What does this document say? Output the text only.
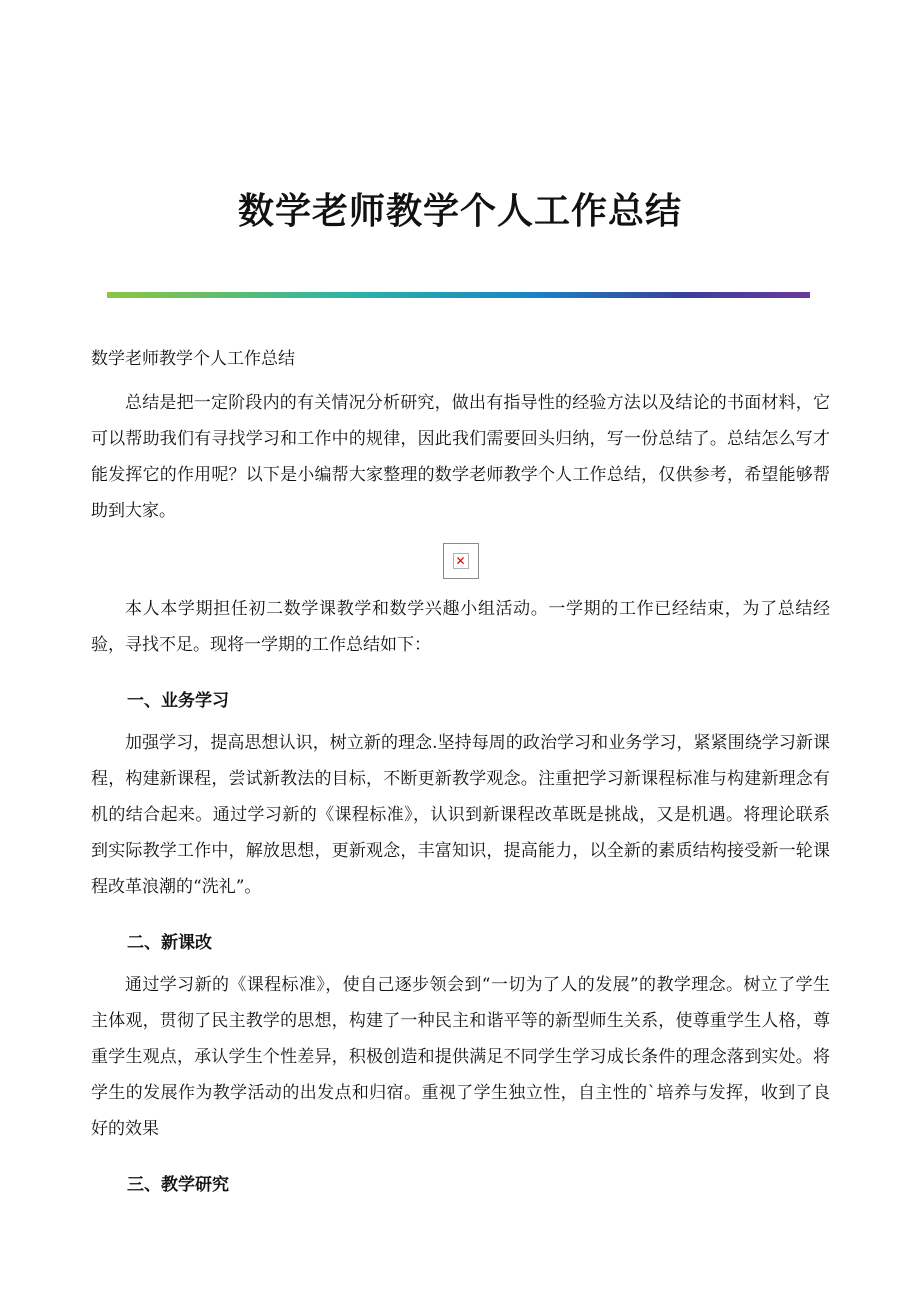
数学老师教学个人工作总结

数学老师教学个人工作总结

总结是把一定阶段内的有关情况分析研究，做出有指导性的经验方法以及结论的书面材料，它可以帮助我们有寻找学习和工作中的规律，因此我们需要回头归纳，写一份总结了。总结怎么写才能发挥它的作用呢？以下是小编帮大家整理的数学老师教学个人工作总结，仅供参考，希望能够帮助到大家。

✕

本人本学期担任初二数学课教学和数学兴趣小组活动。一学期的工作已经结束，为了总结经验，寻找不足。现将一学期的工作总结如下：

一、业务学习

加强学习，提高思想认识，树立新的理念.坚持每周的政治学习和业务学习，紧紧围绕学习新课程，构建新课程，尝试新教法的目标，不断更新教学观念。注重把学习新课程标准与构建新理念有机的结合起来。通过学习新的《课程标准》，认识到新课程改革既是挑战，又是机遇。将理论联系到实际教学工作中，解放思想，更新观念，丰富知识，提高能力，以全新的素质结构接受新一轮课程改革浪潮的“洗礼”。

二、新课改

通过学习新的《课程标准》，使自己逐步领会到“一切为了人的发展”的教学理念。树立了学生主体观，贯彻了民主教学的思想，构建了一种民主和谐平等的新型师生关系，使尊重学生人格，尊重学生观点，承认学生个性差异，积极创造和提供满足不同学生学习成长条件的理念落到实处。将学生的发展作为教学活动的出发点和归宿。重视了学生独立性，自主性的`培养与发挥，收到了良好的效果

三、教学研究
